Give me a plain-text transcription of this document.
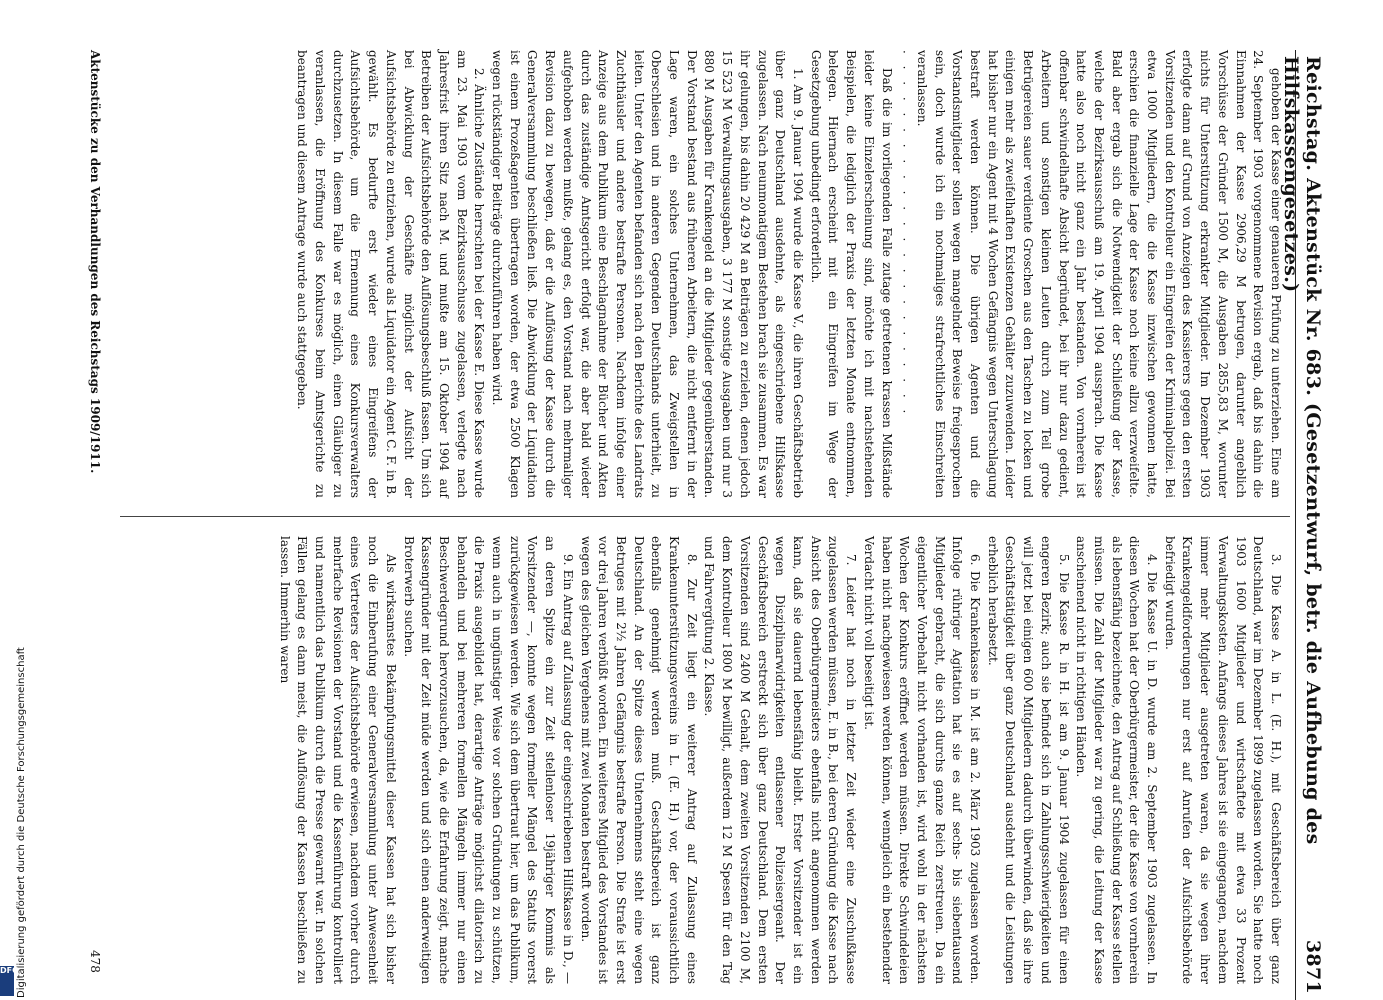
Reichstag. Aktenstück Nr. 683. (Gesetzentwurf, betr. die Aufhebung des Hilfskassengesetzes.)
3871

gehoben der Kasse einer genaueren Prüfung zu unterziehen. Eine am 24. September 1903 vorgenommene Revision ergab, daß bis dahin die Einnahmen der Kasse 2906,29 M betrugen, darunter angeblich Vorschüsse der Gründer 1500 M, die Ausgaben 2855,83 M, worunter nichts für Unterstützung erkrankter Mitglieder. Im Dezember 1903 erfolgte dann auf Grund von Anzeigen des Kassierers gegen den ersten Vorsitzenden und den Kontrolleur ein Eingreifen der Kriminalpolizei. Bei etwa 1000 Mitgliedern, die die Kasse inzwischen gewonnen hatte, erschien die finanzielle Lage der Kasse noch keine allzu verzweifelte. Bald aber ergab sich die Notwendigkeit der Schließung der Kasse, welche der Bezirksausschuß am 19. April 1904 aussprach. Die Kasse hatte also noch nicht ganz ein Jahr bestanden. Von vornherein ist offenbar schwindelhafte Absicht begründet, bei ihr nur dazu gedient, Arbeitern und sonstigen kleinen Leuten durch zum Teil grobe Betrügereien sauer verdiente Groschen aus den Taschen zu locken und einigen mehr als zweifelhaften Existenzen Gehälter zuzuwenden. Leider hat bisher nur ein Agent mit 4 Wochen Gefängnis wegen Unterschlagung bestraft werden können. Die übrigen Agenten und die Vorstandsmitglieder sollen wegen mangelnder Beweise freigesprochen sein, doch wurde ich ein nochmaliges strafrechtliches Einschreiten veranlassen.

· · · · · · · · · · · · · · · · · · · · · · · ·

Daß die im vorliegenden Falle zutage getretenen krassen Mißstände leider keine Einzelerscheinung sind, möchte ich mit nachstehenden Beispielen, die lediglich der Praxis der letzten Monate entnommen, belegen. Hiernach erscheint mit ein Eingreifen im Wege der Gesetzgebung unbedingt erforderlich.

1. Am 9. Januar 1904 wurde die Kasse V., die ihren Geschäftsbetrieb über ganz Deutschland ausdehnte, als eingeschriebene Hilfskasse zugelassen. Nach neunmonatigem Bestehen brach sie zusammen. Es war ihr gelungen, bis dahin 20 429 M an Beiträgen zu erzielen, denen jedoch 15 523 M Verwaltungsausgaben, 3 177 M sonstige Ausgaben und nur 3 880 M Ausgaben für Krankengeld an die Mitglieder gegenüberstanden. Der Vorstand bestand aus früheren Arbeitern, die nicht entfernt in der Lage waren, ein solches Unternehmen, das Zweigstellen in Oberschlesien und in anderen Gegenden Deutschlands unterhielt, zu leiten. Unter den Agenten befanden sich nach den Berichte des Landrats Zuchthäusler und andere bestrafte Personen. Nachdem infolge einer Anzeige aus dem Publikum eine Beschlagnahme der Bücher und Akten durch das zuständige Amtsgericht erfolgt war, die aber bald wieder aufgehoben werden mußte, gelang es, den Vorstand nach mehrmaliger Revision dazu zu bewegen, daß er die Auflösung der Kasse durch die Generalversammlung beschließen ließ. Die Abwicklung der Liquidation ist einem Prozeßagenten übertragen worden, der etwa 2500 Klagen wegen rückständiger Beiträge durchzuführen haben wird.

2. Ähnliche Zustände herrschten bei der Kasse E. Diese Kasse wurde am 23. Mai 1903 vom Bezirksausschusse zugelassen, verlegte nach Jahresfrist ihren Sitz nach M. und mußte am 15. Oktober 1904 auf Betreiben der Aufsichtsbehörde den Auflösungsbeschluß fassen. Um sich bei Abwicklung der Geschäfte möglichst der Aufsicht der Aufsichtsbehörde zu entziehen, wurde als Liquidator ein Agent C. F. in B. gewählt. Es bedurfte erst wieder eines Eingreifens der Aufsichtsbehörde, um die Ernennung eines Konkursverwalters durchzusetzen. In diesem Falle war es möglich, einen Gläubiger zu veranlassen, die Eröffnung des Konkurses beim Amtsgerichte zu beantragen und diesem Antrage wurde auch stattgegeben.

3. Die Kasse A. in L. (E. H.), mit Geschäftsbereich über ganz Deutschland, war im Dezember 1899 zugelassen worden. Sie hatte noch 1903 1600 Mitglieder und wirtschaftete mit etwa 33 Prozent Verwaltungskosten. Anfangs dieses Jahres ist sie eingegangen, nachdem immer mehr Mitglieder ausgetreten waren, da sie wegen ihrer Krankengeldforderungen nur erst auf Anrufen der Aufsichtsbehörde befriedigt wurden.

4. Die Kasse U. in D. wurde am 2. September 1903 zugelassen. In diesen Wochen hat der Oberbürgermeister, der die Kasse von vornherein als lebensfähig bezeichnete, den Antrag auf Schließung der Kasse stellen müssen. Die Zahl der Mitglieder war zu gering, die Leitung der Kasse anscheinend nicht in richtigen Händen.

5. Die Kasse R. in H. ist am 9. Januar 1904 zugelassen für einen engeren Bezirk; auch sie befindet sich in Zahlungsschwierigkeiten und will jetzt bei einigen 600 Mitgliedern dadurch überwinden, daß sie ihre Geschäftstätigkeit über ganz Deutschland ausdehnt und die Leistungen erheblich herabsetzt.

6. Die Krankenkasse in M. ist am 2. März 1903 zugelassen worden. Infolge rühriger Agitation hat sie es auf sechs- bis siebentausend Mitglieder gebracht, die sich durchs ganze Reich zerstreuen. Da ein eigentlicher Vorbehalt nicht vorhanden ist, wird wohl in der nächsten Wochen der Konkurs eröffnet werden müssen. Direkte Schwindeleien haben nicht nachgewiesen werden können, wenngleich ein bestehender Verdacht nicht voll beseitigt ist.

7. Leider hat noch in letzter Zeit wieder eine Zuschußkasse zugelassen werden müssen, E. in B., bei deren Gründung die Kasse nach Ansicht des Oberbürgermeisters ebenfalls nicht angenommen werden kann, daß sie dauernd lebensfähig bleibt. Erster Vorsitzender ist ein wegen Disziplinarwidrigkeiten entlassener Polizeisergeant. Der Geschäftsbereich erstreckt sich über ganz Deutschland. Dem ersten Vorsitzenden sind 2400 M Gehalt, dem zweiten Vorsitzenden 2100 M, dem Kontrolleur 1800 M bewilligt, außerdem 12 M Spesen für den Tag und Fahrvergütung 2. Klasse.

8. Zur Zeit liegt ein weiterer Antrag auf Zulassung eines Krankenunterstützungsvereins in L. (E. H.) vor, der voraussichtlich ebenfalls genehmigt werden muß. Geschäftsbereich ist ganz Deutschland. An der Spitze dieses Unternehmens steht eine wegen Betruges mit 2½ Jahren Gefängnis bestrafte Person. Die Strafe ist erst vor drei Jahren verbüßt worden. Ein weiteres Mitglied des Vorstandes ist wegen des gleichen Vergehens mit zwei Monaten bestraft worden.

9. Ein Antrag auf Zulassung der eingeschriebenen Hilfskasse in D., — an deren Spitze ein zur Zeit stellenloser 19jähriger Kommis als Vorsitzender —, konnte wegen formeller Mängel des Statuts vorerst zurückgewiesen werden. Wie sich dem übertraut hier, um das Publikum, wenn auch in ungünstiger Weise vor solchen Gründungen zu schützen, die Praxis ausgebildet hat, derartige Anträge möglichst dilatorisch zu behandeln und bei mehreren formellen Mängeln immer nur einen Beschwerdegrund hervorzusuchen, da, wie die Erfahrung zeigt, manche Kassengründer mit der Zeit müde werden und sich einen anderweitigen Broterwerb suchen.

Als wirksamstes Bekämpfungsmittel dieser Kassen hat sich bisher noch die Einberufung einer Generalversammlung unter Anwesenheit eines Vertreters der Aufsichtsbehörde erwiesen, nachdem vorher durch mehrfache Revisionen der Vorstand und die Kassenführung kontrolliert und namentlich das Publikum durch die Presse gewarnt war. In solchen Fällen gelang es dann meist, die Auflösung der Kassen beschließen zu lassen. Immerhin waren

Aktenstücke zu den Verhandlungen des Reichstags 1909/1911.
478
Digitalisierung gefördert durch die Deutsche Forschungsgemeinschaft
DFG
